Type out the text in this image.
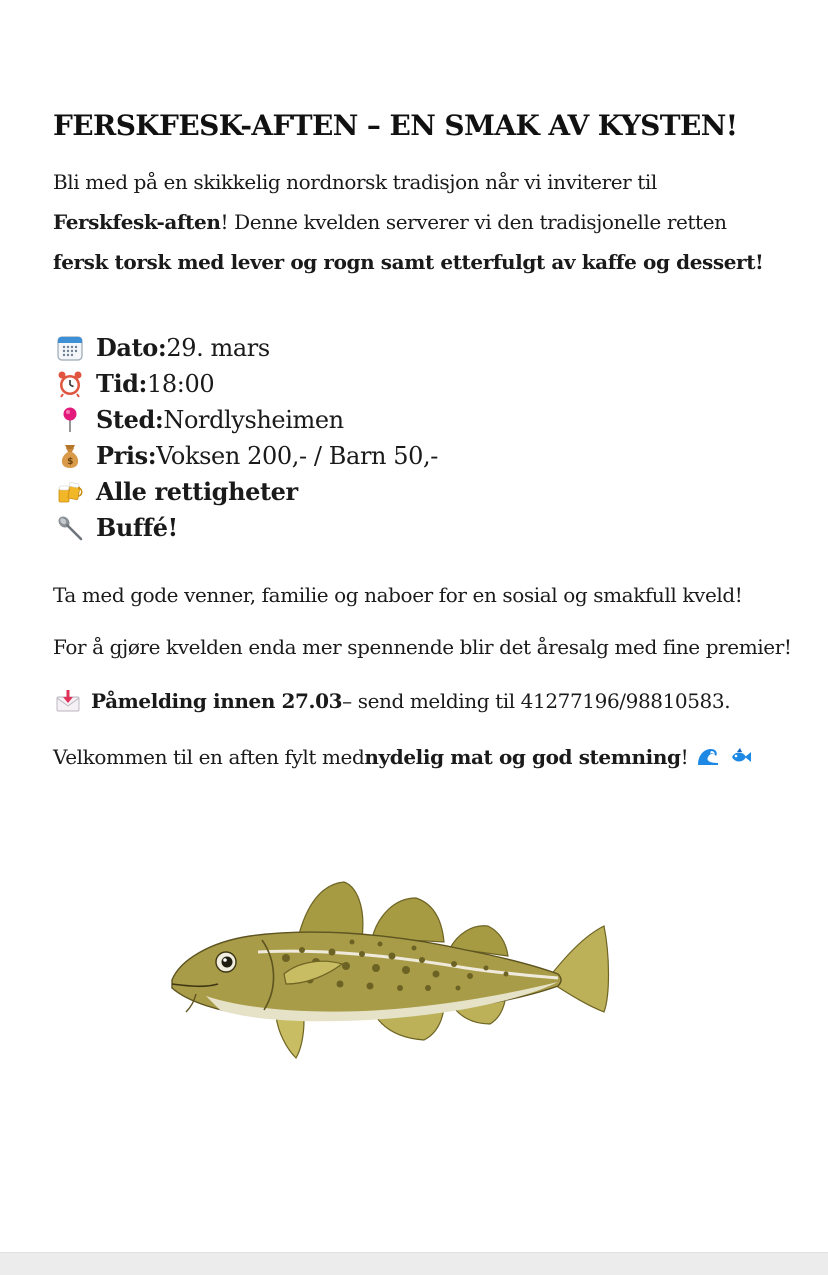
FERSKFESK-AFTEN – EN SMAK AV KYSTEN!
Bli med på en skikkelig nordnorsk tradisjon når vi inviterer til
Ferskfesk-aften! Denne kvelden serverer vi den tradisjonelle retten
fersk torsk med lever og rogn samt etterfulgt av kaffe og dessert!
Dato: 29. mars
Tid: 18:00
Sted: Nordlysheimen
$ Pris: Voksen 200,- / Barn 50,-
Alle rettigheter
Buffé!
Ta med gode venner, familie og naboer for en sosial og smakfull kveld!
For å gjøre kvelden enda mer spennende blir det åresalg med fine premier!
Påmelding innen 27.03 – send melding til 41277196/98810583.
Velkommen til en aften fylt med nydelig mat og god stemning !
